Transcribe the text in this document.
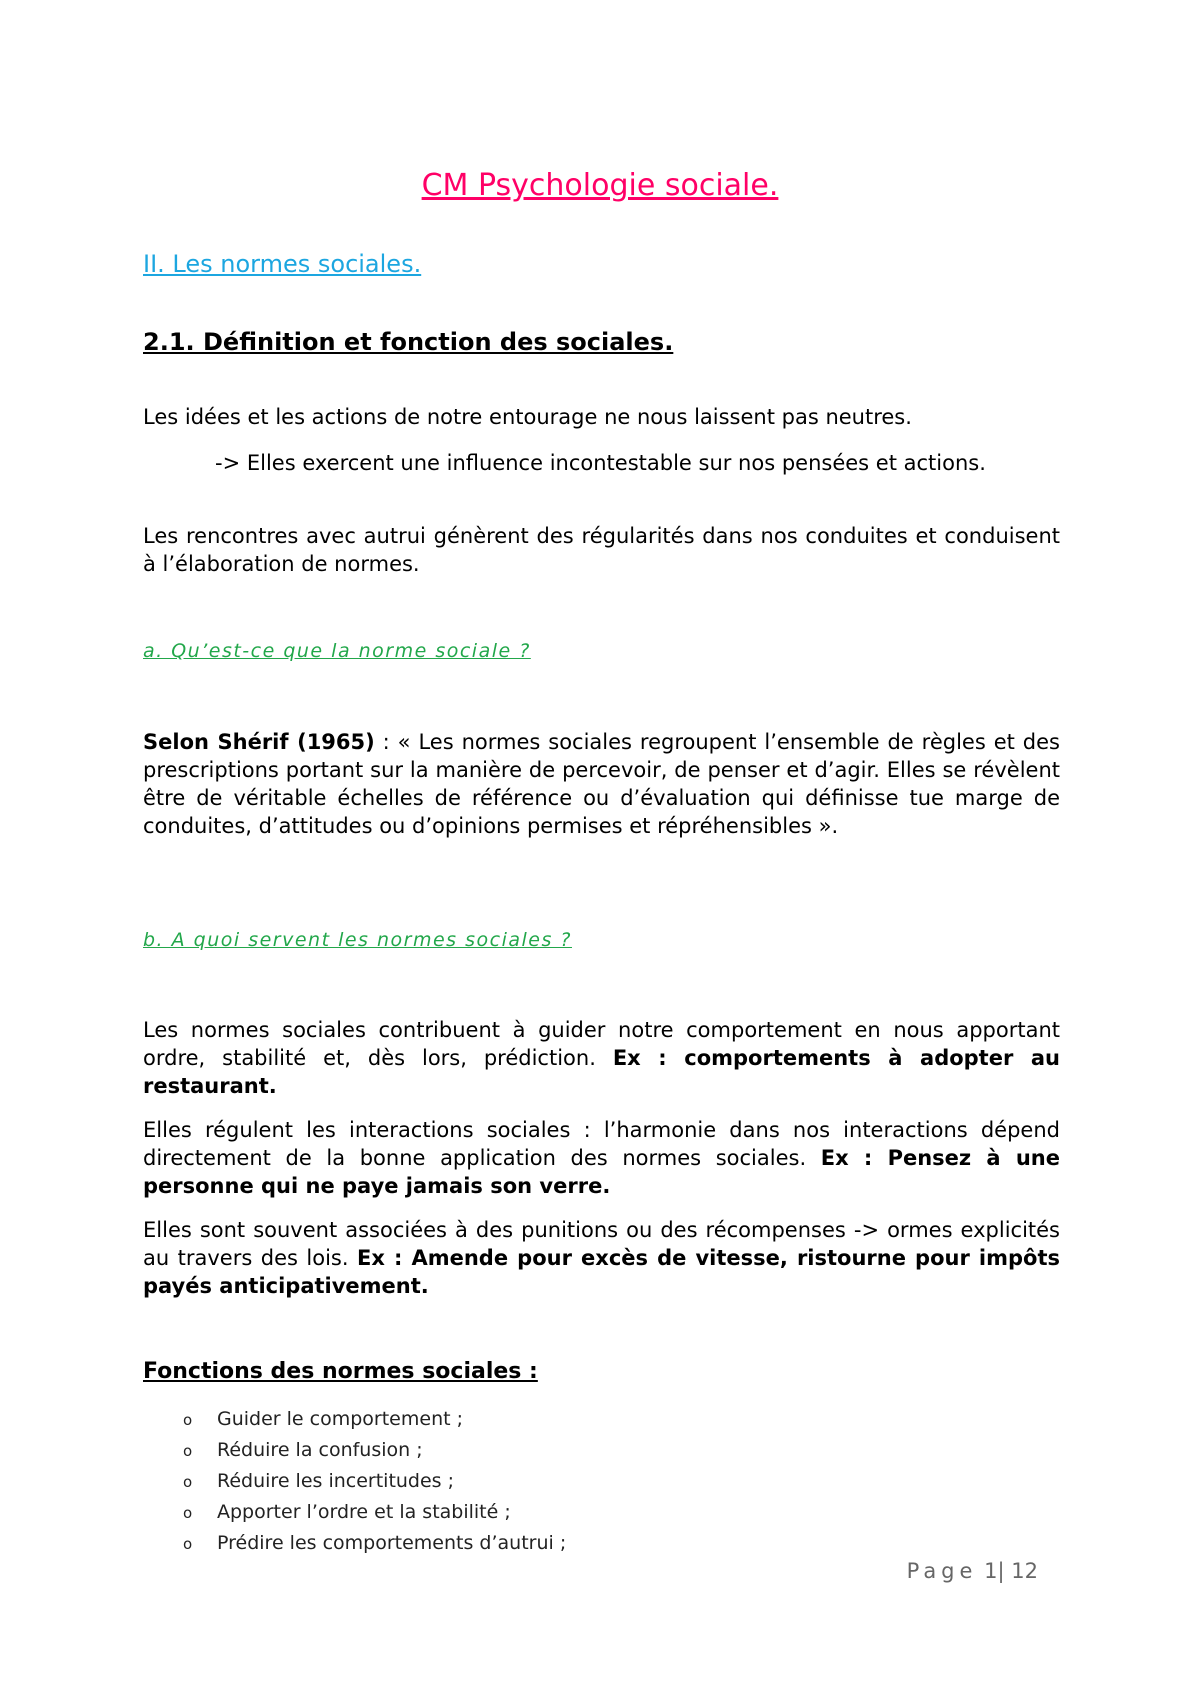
CM Psychologie sociale.
II. Les normes sociales.
2.1. Définition et fonction des sociales.

Les idées et les actions de notre entourage ne nous laissent pas neutres.

-> Elles exercent une influence incontestable sur nos pensées et actions.

Les rencontres avec autrui génèrent des régularités dans nos conduites et conduisent à l’élaboration de normes.

a. Qu’est-ce que la norme sociale ?

Selon Shérif (1965) : « Les normes sociales regroupent l’ensemble de règles et des prescriptions portant sur la manière de percevoir, de penser et d’agir. Elles se révèlent être de véritable échelles de référence ou d’évaluation qui définisse tue marge de conduites, d’attitudes ou d’opinions permises et répréhensibles ».

b. A quoi servent les normes sociales ?

Les normes sociales contribuent à guider notre comportement en nous apportant ordre, stabilité et, dès lors, prédiction. Ex : comportements à adopter au restaurant.

Elles régulent les interactions sociales : l’harmonie dans nos interactions dépend directement de la bonne application des normes sociales. Ex : Pensez à une personne qui ne paye jamais son verre.

Elles sont souvent associées à des punitions ou des récompenses -> ormes explicités au travers des lois. Ex : Amende pour excès de vitesse, ristourne pour impôts payés anticipativement.

Fonctions des normes sociales :
o Guider le comportement ;
o Réduire la confusion ;
o Réduire les incertitudes ;
o Apporter l’ordre et la stabilité ;
o Prédire les comportements d’autrui ;
Page 1| 12
